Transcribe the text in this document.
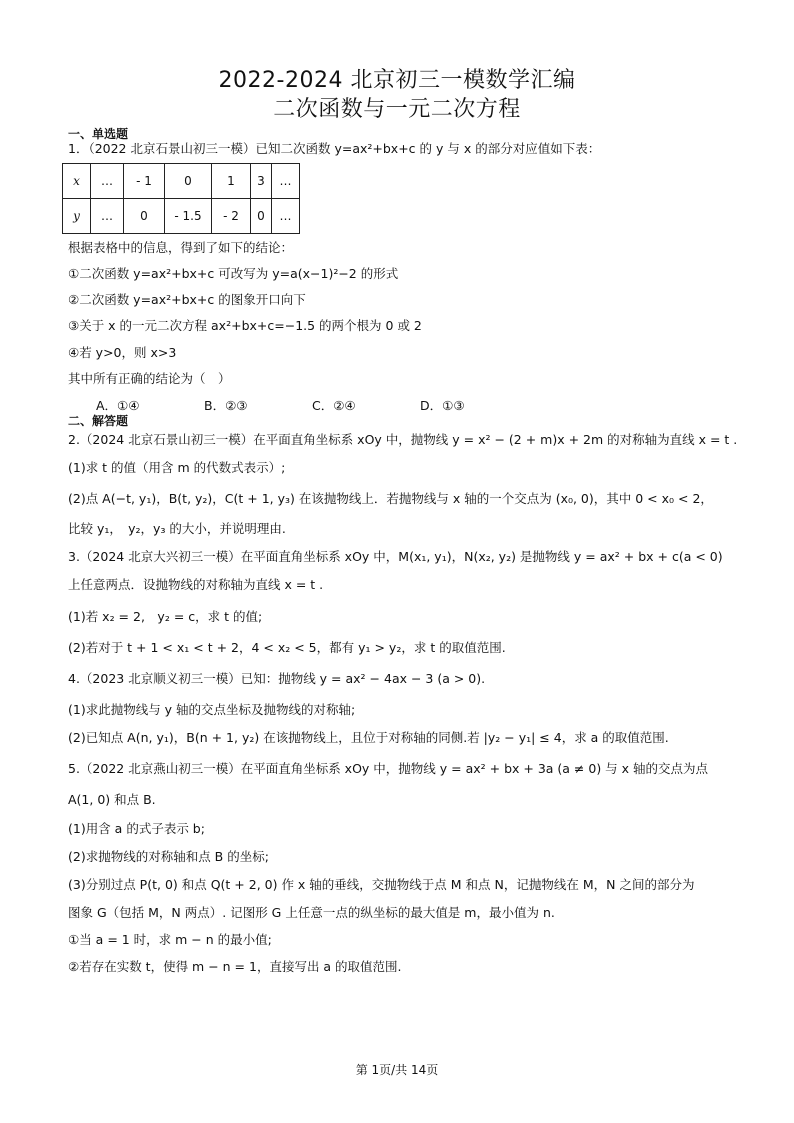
2022-2024 北京初三一模数学汇编
二次函数与一元二次方程
一、单选题
1．（2022 北京石景山初三一模）已知二次函数 y=ax²+bx+c 的 y 与 x 的部分对应值如下表：
x	…	- 1	0	1	3	…
y	…	0	- 1.5	- 2	0	…
根据表格中的信息，得到了如下的结论：
①二次函数 y=ax²+bx+c 可改写为 y=a(x−1)²−2 的形式
②二次函数 y=ax²+bx+c 的图象开口向下
③关于 x 的一元二次方程 ax²+bx+c=−1.5 的两个根为 0 或 2
④若 y>0，则 x>3
其中所有正确的结论为（　）
A．①④	B．②③	C．②④	D．①③
二、解答题
2.（2024 北京石景山初三一模）在平面直角坐标系 xOy 中，抛物线 y = x² − (2 + m)x + 2m 的对称轴为直线 x = t .
(1)求 t 的值（用含 m 的代数式表示）;
(2)点 A(−t, y₁)，B(t, y₂)，C(t + 1, y₃) 在该抛物线上．若抛物线与 x 轴的一个交点为 (x₀, 0)，其中 0 < x₀ < 2，
比较 y₁，　y₂，y₃ 的大小，并说明理由.
3.（2024 北京大兴初三一模）在平面直角坐标系 xOy 中，M(x₁, y₁)，N(x₂, y₂) 是抛物线 y = ax² + bx + c(a < 0)
上任意两点．设抛物线的对称轴为直线 x = t .
(1)若 x₂ = 2,　y₂ = c，求 t 的值;
(2)若对于 t + 1 < x₁ < t + 2，4 < x₂ < 5，都有 y₁ > y₂，求 t 的取值范围.
4.（2023 北京顺义初三一模）已知：抛物线 y = ax² − 4ax − 3 (a > 0).
(1)求此抛物线与 y 轴的交点坐标及抛物线的对称轴;
(2)已知点 A(n, y₁)，B(n + 1, y₂) 在该抛物线上，且位于对称轴的同侧.若 |y₂ − y₁| ≤ 4，求 a 的取值范围.
5.（2022 北京燕山初三一模）在平面直角坐标系 xOy 中，抛物线 y = ax² + bx + 3a (a ≠ 0) 与 x 轴的交点为点
A(1, 0) 和点 B.
(1)用含 a 的式子表示 b;
(2)求抛物线的对称轴和点 B 的坐标;
(3)分别过点 P(t, 0) 和点 Q(t + 2, 0) 作 x 轴的垂线，交抛物线于点 M 和点 N，记抛物线在 M，N 之间的部分为
图象 G（包括 M，N 两点）. 记图形 G 上任意一点的纵坐标的最大值是 m，最小值为 n.
①当 a = 1 时，求 m − n 的最小值;
②若存在实数 t，使得 m − n = 1，直接写出 a 的取值范围.
第 1页/共 14页
